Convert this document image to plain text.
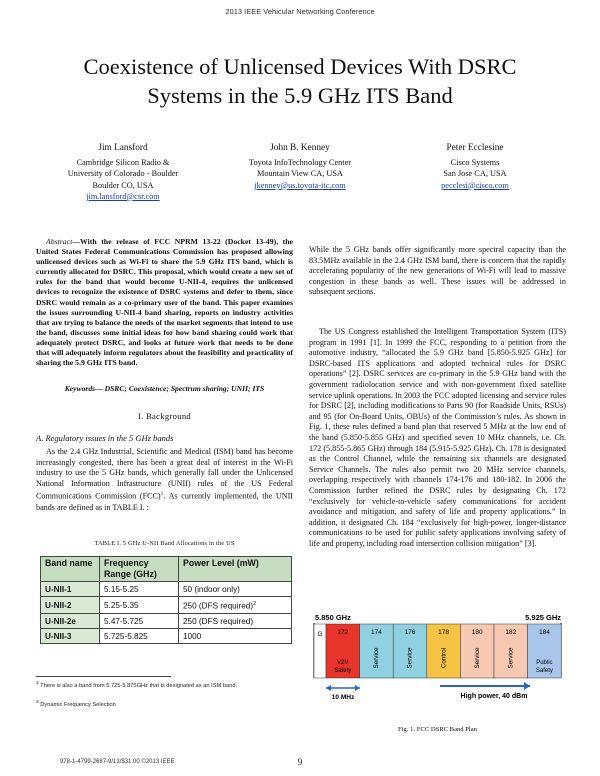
2013 IEEE Vehicular Networking Conference
Coexistence of Unlicensed Devices With DSRC
Systems in the 5.9 GHz ITS Band
Jim Lansford
Cambridge Silicon Radio &
University of Colorado - Boulder
Boulder CO, USA
jim.lansford@csr.com
John B. Kenney
Toyota InfoTechnology Center
Mountain View CA, USA
jkenney@us.toyota-itc.com
Peter Ecclesine
Cisco Systems
San Jose CA, USA
pecclesi@cisco.com
Abstract—With the release of FCC NPRM 13-22 (Docket 13-49), the United States Federal Communications Commission has proposed allowing unlicensed devices such as Wi-Fi to share the 5.9 GHz ITS band, which is currently allocated for DSRC. This proposal, which would create a new set of rules for the band that would become U-NII-4, requires the unlicensed devices to recognize the existence of DSRC systems and defer to them, since DSRC would remain as a co-primary user of the band. This paper examines the issues surrounding U-NII-4 band sharing, reports on industry activities that are trying to balance the needs of the market segments that intend to use the band, discusses some initial ideas for how band sharing could work that adequately protect DSRC, and looks at future work that needs to be done that will adequately inform regulators about the feasibility and practicality of sharing the 5.9 GHz ITS band.
Keywords— DSRC; Coexistence; Spectrum sharing; UNII; ITS
I. Background
A. Regulatory issues in the 5 GHz bands
As the 2.4 GHz Industrial, Scientific and Medical (ISM) band has become increasingly congested, there has been a great deal of interest in the Wi-Fi industry to use the 5 GHz bands, which generally fall under the Unlicensed National Information Infrastructure (UNII) rules of the US Federal Communications Commission (FCC)$^1$. As currently implemented, the UNII bands are defined as in TABLE I. :
TABLE I. 5 GHz U-NII Band Allocations in the US
Band name	Frequency Range (GHz)	Power Level (mW)
U-NII-1	5.15-5.25	50 (indoor only)
U-NII-2	5.25-5.35	250 (DFS required)$^2$
U-NII-2e	5.47-5.725	250 (DFS required)
U-NII-3	5.725-5.825	1000
$^1$ There is also a band from 5.725-5.875GHz that is designated as an ISM band.
$^2$ Dynamic Frequency Selection
While the 5 GHz bands offer significantly more spectral capacity than the 83.5MHz available in the 2.4 GHz ISM band, there is concern that the rapidly accelerating popularity of the new generations of Wi-Fi will lead to massive congestion in these bands as well. These issues will be addressed in subsequent sections.
The US Congress established the Intelligent Transportation System (ITS) program in 1991 [1]. In 1999 the FCC, responding to a petition from the automotive industry, “allocated the 5.9 GHz band [5.850-5.925 GHz] for DSRC-based ITS applications and adopted technical rules for DSRC operations” [2]. DSRC services are co-primary in the 5.9 GHz band with the government radiolocation service and with non-government fixed satellite service uplink operations. In 2003 the FCC adopted licensing and service rules for DSRC [2], including modifications to Parts 90 (for Roadside Units, RSUs) and 95 (for On-Board Units, OBUs) of the Commission’s rules. As shown in Fig. 1, these rules defined a band plan that reserved 5 MHz at the low end of the band (5.850-5.855 GHz) and specified seven 10 MHz channels, i.e. Ch. 172 (5.855-5.865 GHz) through 184 (5.915-5.925 GHz). Ch. 178 is designated as the Control Channel, while the remaining six channels are designated Service Channels. The rules also permit two 20 MHz service channels, overlapping respectively with channels 174-176 and 180-182. In 2006 the Commission further refined the DSRC rules by designating Ch. 172 “exclusively for vehicle-to-vehicle safety communications for accident avoidance and mitigation, and safety of life and property applications.” In addition, it designated Ch. 184 “exclusively for high-power, longer-distance communications to be used for public safety applications involving safety of life and property, including road intersection collision mitigation” [3].
5.850 GHz	5.925 GHz
G 172
V2V
Safety
174
Service
176
Service
178
Control
180
Service
182
Service
184
Public
Safety
10 MHz	High power, 40 dBm
Fig. 1. FCC DSRC Band Plan
978-1-4799-2687-9/13/$31.00 ©2013 IEEE	9
